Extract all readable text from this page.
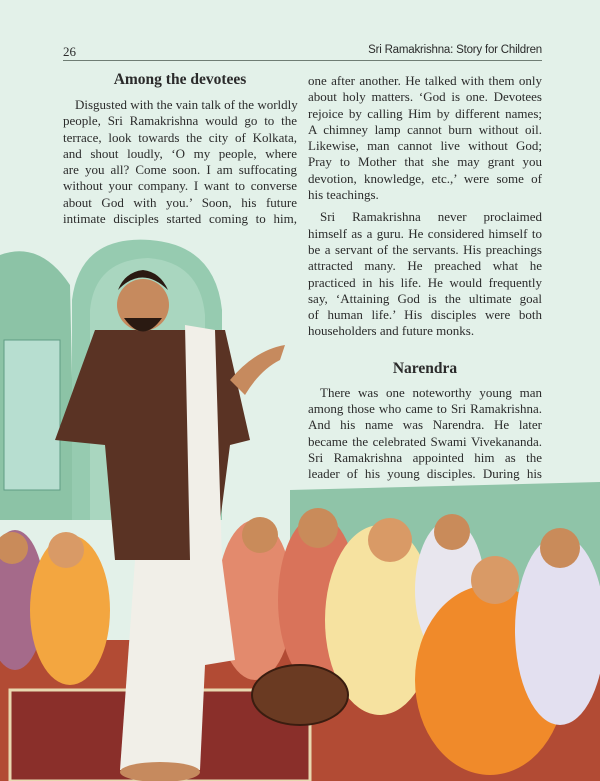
26	Sri Ramakrishna: Story for Children
Among the devotees
Disgusted with the vain talk of the worldly
people, Sri Ramakrishna would go to the
terrace, look towards the city of Kolkata,
and shout loudly, ‘O my people, where
are you all? Come soon. I am suffocating
without your company. I want to converse
about God with you.’ Soon, his future
intimate disciples started coming to him,
one after another. He talked with them only
about holy matters. ‘God is one. Devotees
rejoice by calling Him by different names;
A chimney lamp cannot burn without oil.
Likewise, man cannot live without God;
Pray to Mother that she may grant you
devotion, knowledge, etc.,’ were some of
his teachings.
Sri Ramakrishna never proclaimed
himself as a guru. He considered himself to
be a servant of the servants. His preachings
attracted many. He preached what he
practiced in his life. He would frequently
say, ‘Attaining God is the ultimate goal
of human life.’ His disciples were both
householders and future monks.
Narendra
There was one noteworthy young man
among those who came to Sri Ramakrishna.
And his name was Narendra. He later
became the celebrated Swami Vivekananda.
Sri Ramakrishna appointed him as the
leader of his young disciples. During his
